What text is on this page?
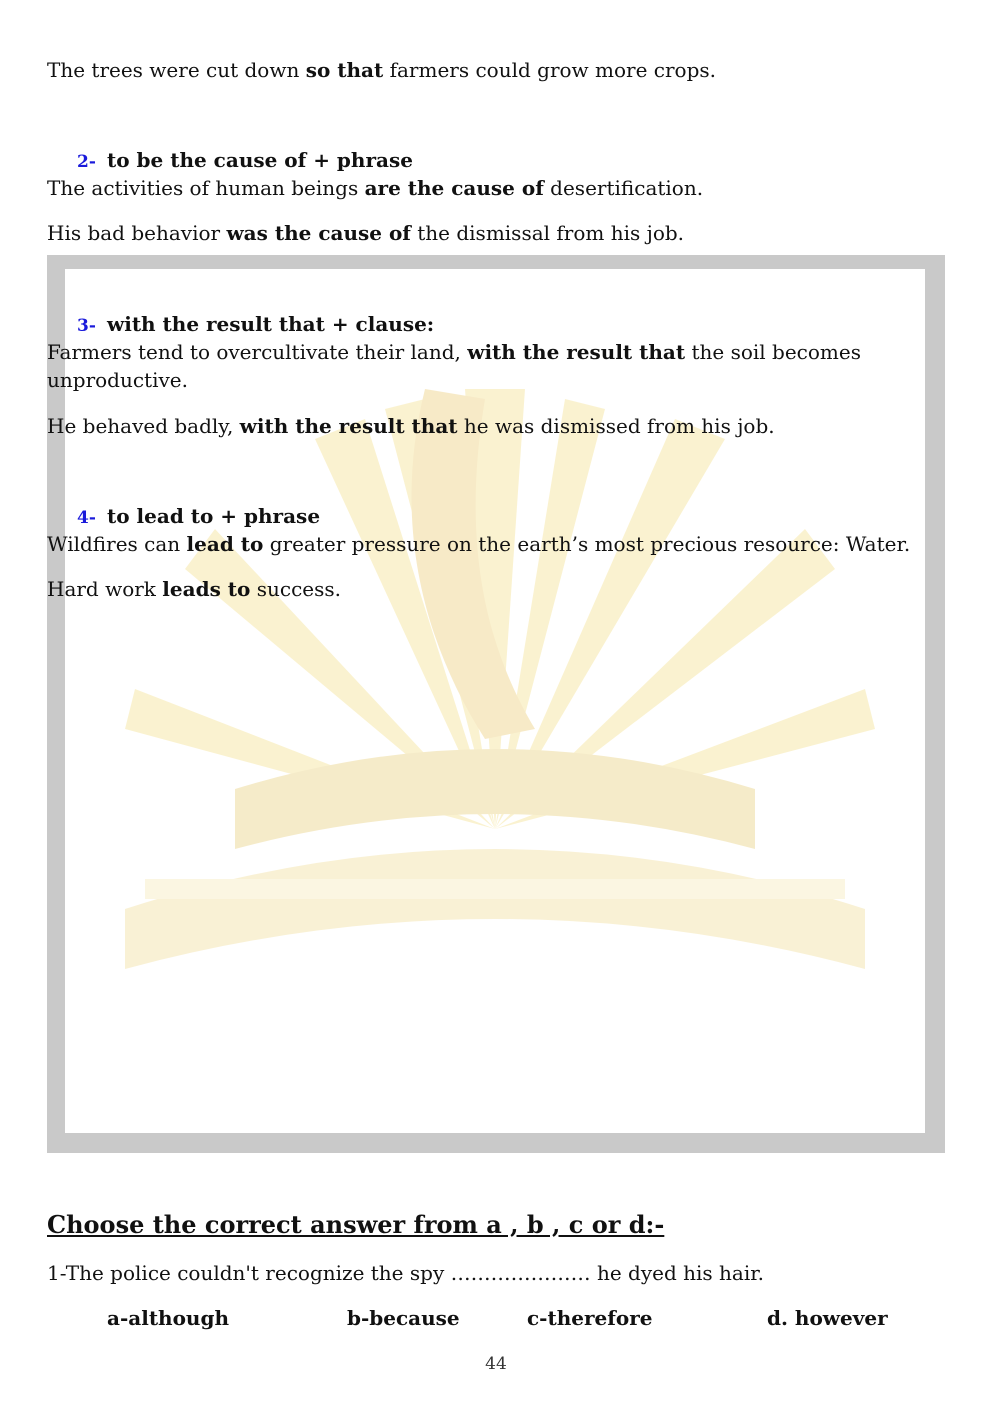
The trees were cut down so that farmers could grow more crops.

2- to be the cause of + phrase

The activities of human beings are the cause of desertification.

His bad behavior was the cause of the dismissal from his job.

3- with the result that + clause:

Farmers tend to overcultivate their land, with the result that the soil becomes

unproductive.

He behaved badly, with the result that he was dismissed from his job.

4- to lead to + phrase

Wildfires can lead to greater pressure on the earth’s most precious resource: Water.

Hard work leads to success.

Choose the correct answer from a , b , c or d:-
1-The police couldn't recognize the spy ………………… he dyed his hair.
a-although	b-because	c-therefore	d. however
44
